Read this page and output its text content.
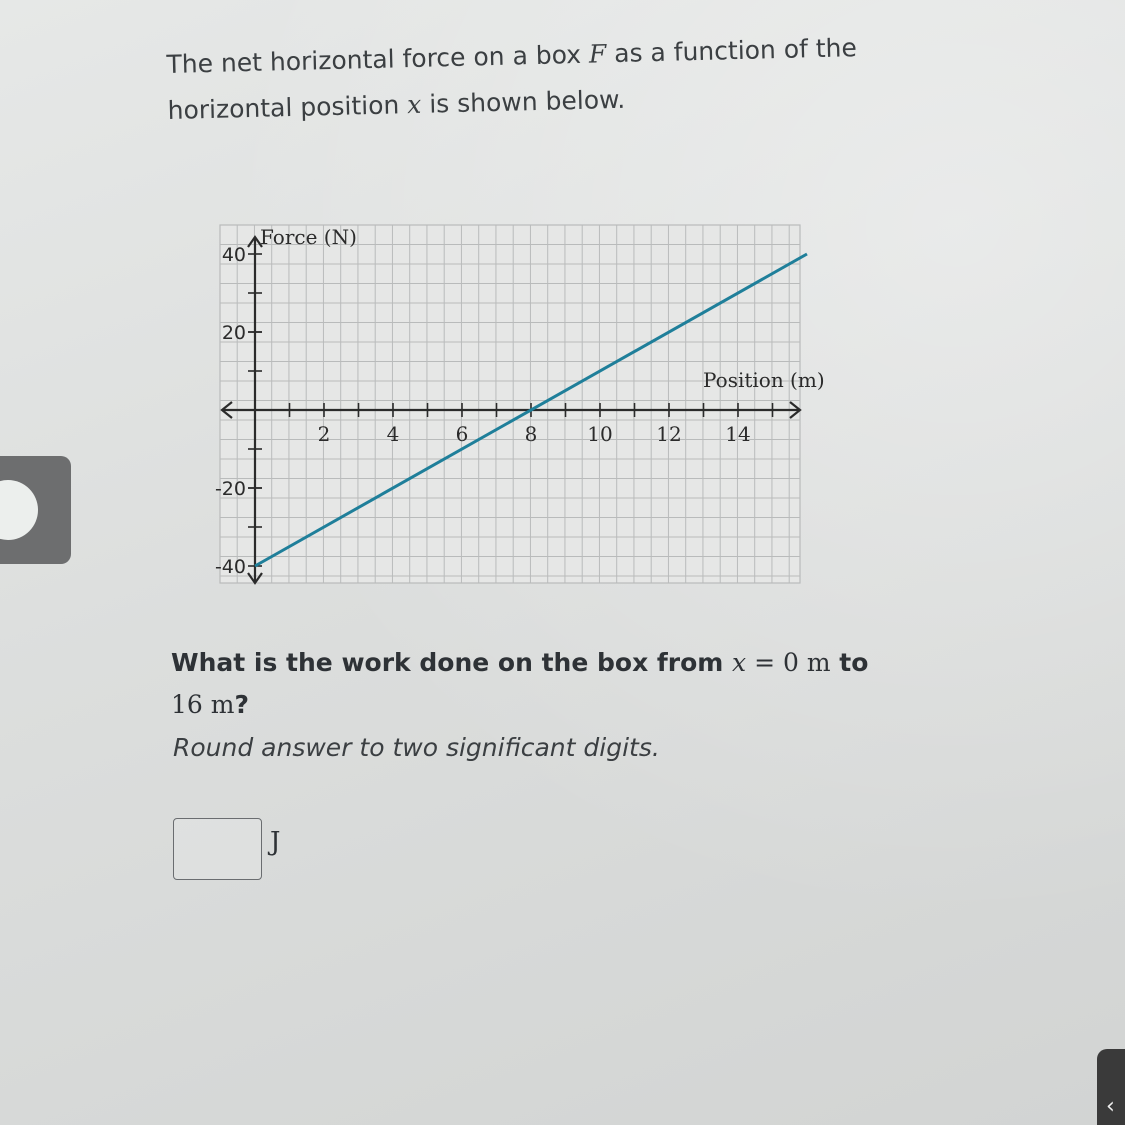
‹
The net horizontal force on a box F as a function of the
horizontal position x is shown below.
2	4	6	8 10 12 14
40
20
-20
-40
Force (N)
Position (m)
What is the work done on the box from x = 0 m to
16 m?
Round answer to two significant digits.
J
